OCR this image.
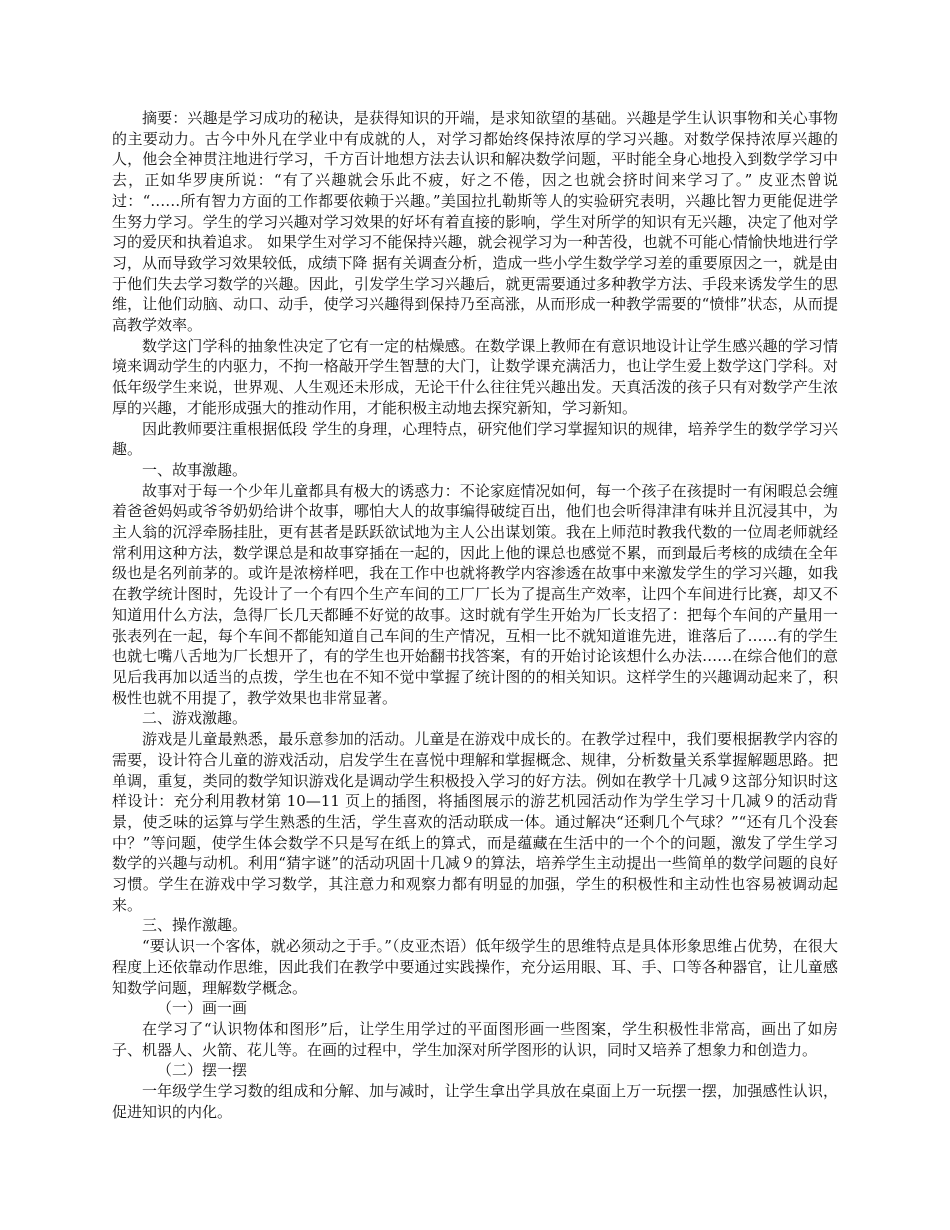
摘要：兴趣是学习成功的秘诀，是获得知识的开端，是求知欲望的基础。兴趣是学生认识事物和关心事物的主要动力。古今中外凡在学业中有成就的人，对学习都始终保持浓厚的学习兴趣。对数学保持浓厚兴趣的人，他会全神贯注地进行学习，千方百计地想方法去认识和解决数学问题，平时能全身心地投入到数学学习中去，正如华罗庚所说：“有了兴趣就会乐此不疲，好之不倦，因之也就会挤时间来学习了。” 皮亚杰曾说过：“……所有智力方面的工作都要依赖于兴趣。”美国拉扎勒斯等人的实验研究表明，兴趣比智力更能促进学生努力学习。学生的学习兴趣对学习效果的好坏有着直接的影响，学生对所学的知识有无兴趣，决定了他对学习的爱厌和执着追求。 如果学生对学习不能保持兴趣，就会视学习为一种苦役，也就不可能心情愉快地进行学习，从而导致学习效果较低，成绩下降 据有关调查分析，造成一些小学生数学学习差的重要原因之一，就是由于他们失去学习数学的兴趣。因此，引发学生学习兴趣后，就更需要通过多种教学方法、手段来诱发学生的思维，让他们动脑、动口、动手，使学习兴趣得到保持乃至高涨，从而形成一种教学需要的“愤悱”状态，从而提高教学效率。

数学这门学科的抽象性决定了它有一定的枯燥感。在数学课上教师在有意识地设计让学生感兴趣的学习情境来调动学生的内驱力，不拘一格敲开学生智慧的大门，让数学课充满活力，也让学生爱上数学这门学科。对低年级学生来说，世界观、人生观还未形成，无论干什么往往凭兴趣出发。天真活泼的孩子只有对数学产生浓厚的兴趣，才能形成强大的推动作用，才能积极主动地去探究新知，学习新知。

因此教师要注重根据低段 学生的身理，心理特点，研究他们学习掌握知识的规律，培养学生的数学学习兴趣。

一、故事激趣。

故事对于每一个少年儿童都具有极大的诱惑力：不论家庭情况如何，每一个孩子在孩提时一有闲暇总会缠着爸爸妈妈或爷爷奶奶给讲个故事，哪怕大人的故事编得破绽百出，他们也会听得津津有味并且沉浸其中，为主人翁的沉浮牵肠挂肚，更有甚者是跃跃欲试地为主人公出谋划策。我在上师范时教我代数的一位周老师就经常利用这种方法，数学课总是和故事穿插在一起的，因此上他的课总也感觉不累，而到最后考核的成绩在全年级也是名列前茅的。或许是浓榜样吧，我在工作中也就将教学内容渗透在故事中来激发学生的学习兴趣，如我在教学统计图时，先设计了一个有四个生产车间的工厂厂长为了提高生产效率，让四个车间进行比赛，却又不知道用什么方法，急得厂长几天都睡不好觉的故事。这时就有学生开始为厂长支招了：把每个车间的产量用一张表列在一起，每个车间不都能知道自己车间的生产情况，互相一比不就知道谁先进，谁落后了……有的学生也就七嘴八舌地为厂长想开了，有的学生也开始翻书找答案，有的开始讨论该想什么办法……在综合他们的意见后我再加以适当的点拨，学生也在不知不觉中掌握了统计图的的相关知识。这样学生的兴趣调动起来了，积极性也就不用提了，教学效果也非常显著。

二、游戏激趣。

游戏是儿童最熟悉，最乐意参加的活动。儿童是在游戏中成长的。在教学过程中，我们要根据教学内容的需要，设计符合儿童的游戏活动，启发学生在喜悦中理解和掌握概念、规律，分析数量关系掌握解题思路。把单调，重复，类同的数学知识游戏化是调动学生积极投入学习的好方法。例如在教学十几减９这部分知识时这样设计：充分利用教材第 10—11 页上的插图，将插图展示的游艺机园活动作为学生学习十几减９的活动背景，使乏味的运算与学生熟悉的生活，学生喜欢的活动联成一体。通过解决“还剩几个气球？”“还有几个没套中？”等问题，使学生体会数学不只是写在纸上的算式，而是蕴藏在生活中的一个个的问题，激发了学生学习数学的兴趣与动机。利用“猜字谜”的活动巩固十几减９的算法，培养学生主动提出一些简单的数学问题的良好习惯。学生在游戏中学习数学，其注意力和观察力都有明显的加强，学生的积极性和主动性也容易被调动起来。

三、操作激趣。

“要认识一个客体，就必须动之于手。”（皮亚杰语）低年级学生的思维特点是具体形象思维占优势，在很大程度上还依靠动作思维，因此我们在教学中要通过实践操作，充分运用眼、耳、手、口等各种器官，让儿童感知数学问题，理解数学概念。

（一）画一画

在学习了“认识物体和图形”后，让学生用学过的平面图形画一些图案，学生积极性非常高，画出了如房子、机器人、火箭、花儿等。在画的过程中，学生加深对所学图形的认识，同时又培养了想象力和创造力。

（二）摆一摆

一年级学生学习数的组成和分解、加与减时，让学生拿出学具放在桌面上万一玩摆一摆，加强感性认识，促进知识的内化。
